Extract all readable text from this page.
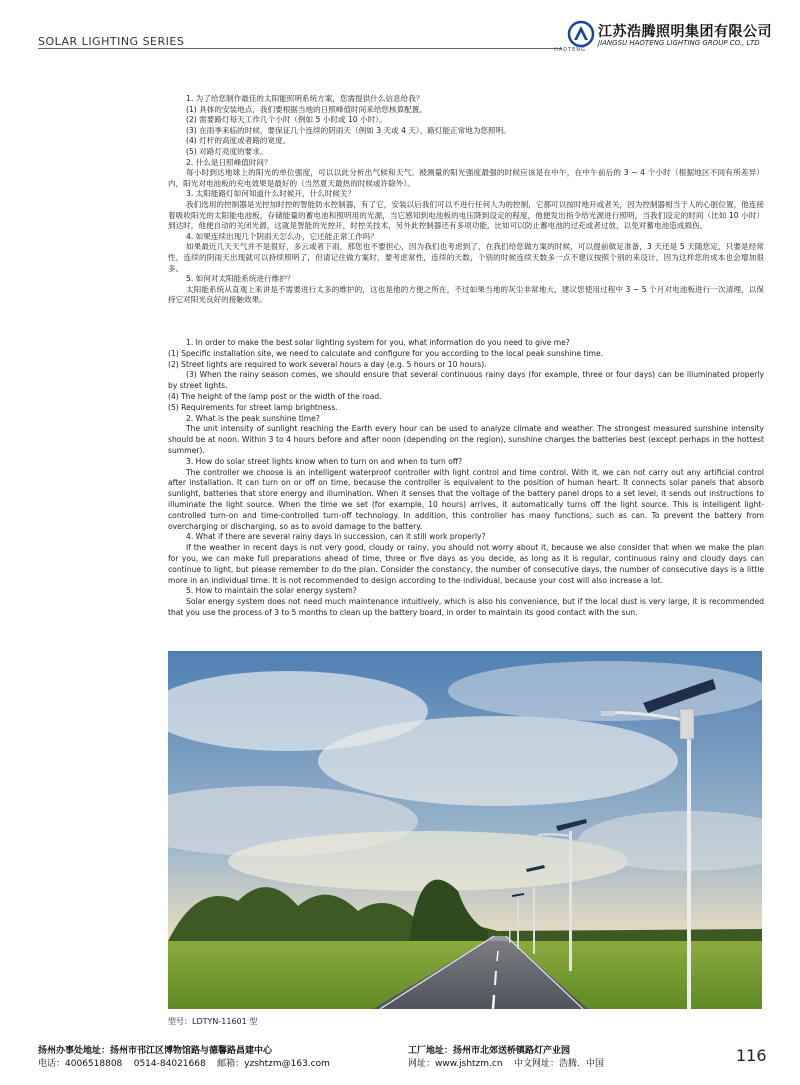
SOLAR LIGHTING SERIES
HAOTENG
江苏浩腾照明集团有限公司
JIANGSU HAOTENG LIGHTING GROUP CO., LTD

1. 为了给您制作最佳的太阳能照明系统方案，您需提供什么信息给我？

(1) 具体的安装地点，我们要根据当地的日照峰值时间来给您核算配置。

(2) 需要路灯每天工作几个小时（例如 5 小时或 10 小时）。

(3) 在雨季来临的时候，要保证几个连续的阴雨天（例如 3 天或 4 天），路灯能正常地为您照明。

(4) 灯杆的高度或者路的宽度。

(5) 对路灯亮度的要求。

2. 什么是日照峰值时间？

每小时到达地球上的阳光的单位强度，可以以此分析出气候和天气。被测量的阳光强度最强的时候应该是在中午，在中午前后的 3 ~ 4 个小时（根据地区不同有所差异）内，阳光对电池板的充电效果是最好的（当然夏天最热的时候或许除外）。

3. 太阳能路灯如何知道什么时候开，什么时候关？

我们选用的控制器是光控加时控的智能防水控制器，有了它，安装以后我们可以不进行任何人为的控制，它都可以按时地开或者关，因为控制器相当于人的心脏位置，他连接着吸收阳光的太阳能电池板，存储能量的蓄电池和照明用的光源，当它感知到电池板的电压降到设定的程度，他便发出指令给光源进行照明，当我们设定的时间（比如 10 小时）到达时，他便自动的关闭光源，这就是智能的光控开，时控关技术，另外此控制器还有多项功能，比如可以防止蓄电池的过充或者过放，以免对蓄电池造成损伤。

4. 如果连续出现几个阴雨天怎么办，它还能正常工作吗？

如果最近几天天气并不是很好，多云或者下雨，那您也不要担心，因为我们也考虑到了，在我们给您做方案的时候，可以提前做足准备，3 天还是 5 天随您定，只要是经常性，连续的阴雨天出现就可以持续照明了，但请记住做方案时，要考虑常性，连续的天数，个别的时候连续天数多一点不建议按照个别的来设计，因为这样您的成本也会增加很多。

5. 如何对太阳能系统进行维护？

太阳能系统从直观上来讲是不需要进行太多的维护的，这也是他的方便之所在，不过如果当地的灰尘非常地大，建议您使用过程中 3 ~ 5 个月对电池板进行一次清理，以保持它对阳光良好的接触效果。

1. In order to make the best solar lighting system for you, what information do you need to give me?

(1) Specific installation site, we need to calculate and configure for you according to the local peak sunshine time.

(2) Street lights are required to work several hours a day (e.g. 5 hours or 10 hours).

(3) When the rainy season comes, we should ensure that several continuous rainy days (for example, three or four days) can be illuminated properly by street lights.

(4) The height of the lamp post or the width of the road.

(5) Requirements for street lamp brightness.

2. What is the peak sunshine time?

The unit intensity of sunlight reaching the Earth every hour can be used to analyze climate and weather. The strongest measured sunshine intensity should be at noon. Within 3 to 4 hours before and after noon (depending on the region), sunshine charges the batteries best (except perhaps in the hottest summer).

3. How do solar street lights know when to turn on and when to turn off?

The controller we choose is an intelligent waterproof controller with light control and time control. With it, we can not carry out any artificial control after installation. It can turn on or off on time, because the controller is equivalent to the position of human heart. It connects solar panels that absorb sunlight, batteries that store energy and illumination. When it senses that the voltage of the battery panel drops to a set level, it sends out instructions to illuminate the light source. When the time we set (for example, 10 hours) arrives, it automatically turns off the light source. This is intelligent light-controlled turn-on and time-controlled turn-off technology. In addition, this controller has many functions, such as can. To prevent the battery from overcharging or discharging, so as to avoid damage to the battery.

4. What if there are several rainy days in succession, can it still work properly?

If the weather in recent days is not very good, cloudy or rainy, you should not worry about it, because we also consider that when we make the plan for you, we can make full preparations ahead of time, three or five days as you decide, as long as it is regular, continuous rainy and cloudy days can continue to light, but please remember to do the plan. Consider the constancy, the number of consecutive days, the number of consecutive days is a little more in an individual time. It is not recommended to design according to the individual, because your cost will also increase a lot.

5. How to maintain the solar energy system?

Solar energy system does not need much maintenance intuitively, which is also his convenience, but if the local dust is very large, it is recommended that you use the process of 3 to 5 months to clean up the battery board, in order to maintain its good contact with the sun.

型号：LDTYN-11601 型
扬州办事处地址：扬州市邗江区博物馆路与德馨路昌建中心
电话：4006518808 0514-84021668 邮箱：yzshtzm@163.com
工厂地址：扬州市北郊送桥镇路灯产业园
网址：www.jshtzm.cn 中文网址：浩腾．中国	116
